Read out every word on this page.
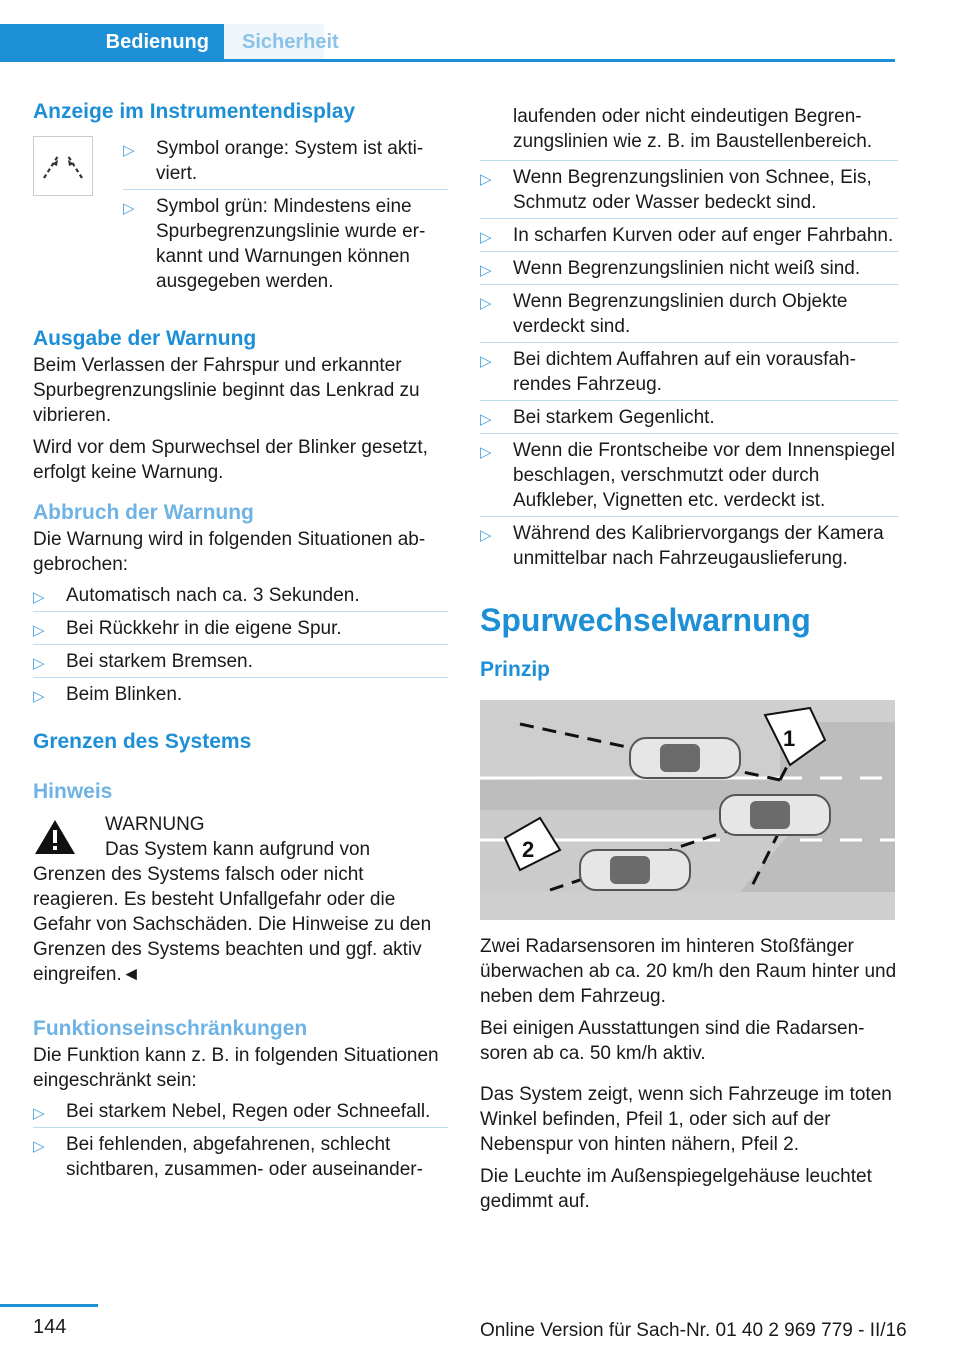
Bedienung	Sicherheit
Anzeige im Instrumentendisplay
▷ Symbol orange: System ist aktiviert.
▷ Symbol grün: Mindestens eine Spurbegrenzungslinie wurde erkannt und Warnungen können ausgegeben werden.
Ausgabe der Warnung

Beim Verlassen der Fahrspur und erkannter Spurbegrenzungslinie beginnt das Lenkrad zu vibrieren.

Wird vor dem Spurwechsel der Blinker gesetzt, erfolgt keine Warnung.

Abbruch der Warnung

Die Warnung wird in folgenden Situationen abgebrochen:

▷ Automatisch nach ca. 3 Sekunden.
▷ Bei Rückkehr in die eigene Spur.
▷ Bei starkem Bremsen.
▷ Beim Blinken.
Grenzen des Systems
Hinweis

WARNUNG

Das System kann aufgrund von Grenzen des Systems falsch oder nicht reagieren. Es besteht Unfallgefahr oder die Gefahr von Sachschäden. Die Hinweise zu den Grenzen des Systems beachten und ggf. aktiv eingreifen.◄

Funktionseinschränkungen

Die Funktion kann z. B. in folgenden Situationen eingeschränkt sein:

▷ Bei starkem Nebel, Regen oder Schneefall.
▷ Bei fehlenden, abgefahrenen, schlecht sichtbaren, zusammen- oder auseinander-

laufenden oder nicht eindeutigen Begrenzungslinien wie z. B. im Baustellenbereich.

▷ Wenn Begrenzungslinien von Schnee, Eis, Schmutz oder Wasser bedeckt sind.
▷ In scharfen Kurven oder auf enger Fahrbahn.
▷ Wenn Begrenzungslinien nicht weiß sind.
▷ Wenn Begrenzungslinien durch Objekte verdeckt sind.
▷ Bei dichtem Auffahren auf ein vorausfahrendes Fahrzeug.
▷ Bei starkem Gegenlicht.
▷ Wenn die Frontscheibe vor dem Innenspiegel beschlagen, verschmutzt oder durch Aufkleber, Vignetten etc. verdeckt ist.
▷ Während des Kalibriervorgangs der Kamera unmittelbar nach Fahrzeugauslieferung.
Spurwechselwarnung
Prinzip
1
2

Zwei Radarsensoren im hinteren Stoßfänger überwachen ab ca. 20 km/h den Raum hinter und neben dem Fahrzeug.

Bei einigen Ausstattungen sind die Radarsensoren ab ca. 50 km/h aktiv.

Das System zeigt, wenn sich Fahrzeuge im toten Winkel befinden, Pfeil 1, oder sich auf der Nebenspur von hinten nähern, Pfeil 2.

Die Leuchte im Außenspiegelgehäuse leuchtet gedimmt auf.

144	Online Version für Sach-Nr. 01 40 2 969 779 - II/16
